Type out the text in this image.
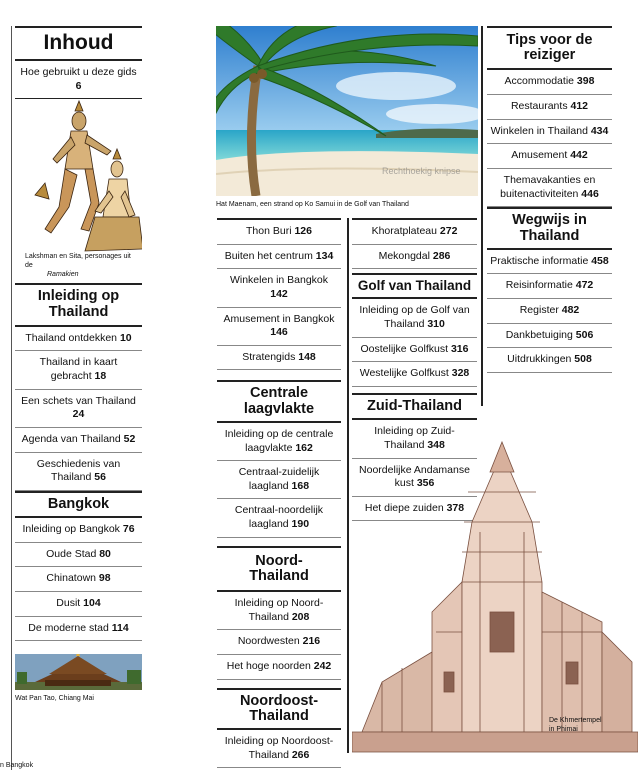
Inhoud
Hoe gebruikt u deze gids 6
Lakshman en Sita, personages uit de
Ramakien
Inleiding op Thailand
Thailand ontdekken 10
Thailand in kaart gebracht 18
Een schets van Thailand 24
Agenda van Thailand 52
Geschiedenis van Thailand 56
Bangkok
Inleiding op Bangkok 76
Oude Stad 80
Chinatown 98
Dusit 104
De moderne stad 114
Wat Pan Tao, Chiang Mai
n Bangkok
Rechthoekig knipse
Hat Maenam, een strand op Ko Samui in de Golf van Thailand
Thon Buri 126
Buiten het centrum 134
Winkelen in Bangkok 142
Amusement in Bangkok 146
Stratengids 148
Centrale laagvlakte
Inleiding op de centrale laagvlakte 162
Centraal-zuidelijk laagland 168
Centraal-noordelijk laagland 190
Noord-Thailand
Inleiding op Noord-Thailand 208
Noordwesten 216
Het hoge noorden 242
Noordoost-Thailand
Inleiding op Noordoost-Thailand 266
Khoratplateau 272
Mekongdal 286
Golf van Thailand
Inleiding op de Golf van Thailand 310
Oostelijke Golfkust 316
Westelijke Golfkust 328
Zuid-Thailand
Inleiding op Zuid-Thailand 348
Noordelijke Andamanse kust 356
Het diepe zuiden 378
De Khmertempel
in Phimai
Tips voor de reiziger
Accommodatie 398
Restaurants 412
Winkelen in Thailand 434
Amusement 442
Themavakanties en buitenactiviteiten 446
Wegwijs in Thailand
Praktische informatie 458
Reisinformatie 472
Register 482
Dankbetuiging 506
Uitdrukkingen 508
